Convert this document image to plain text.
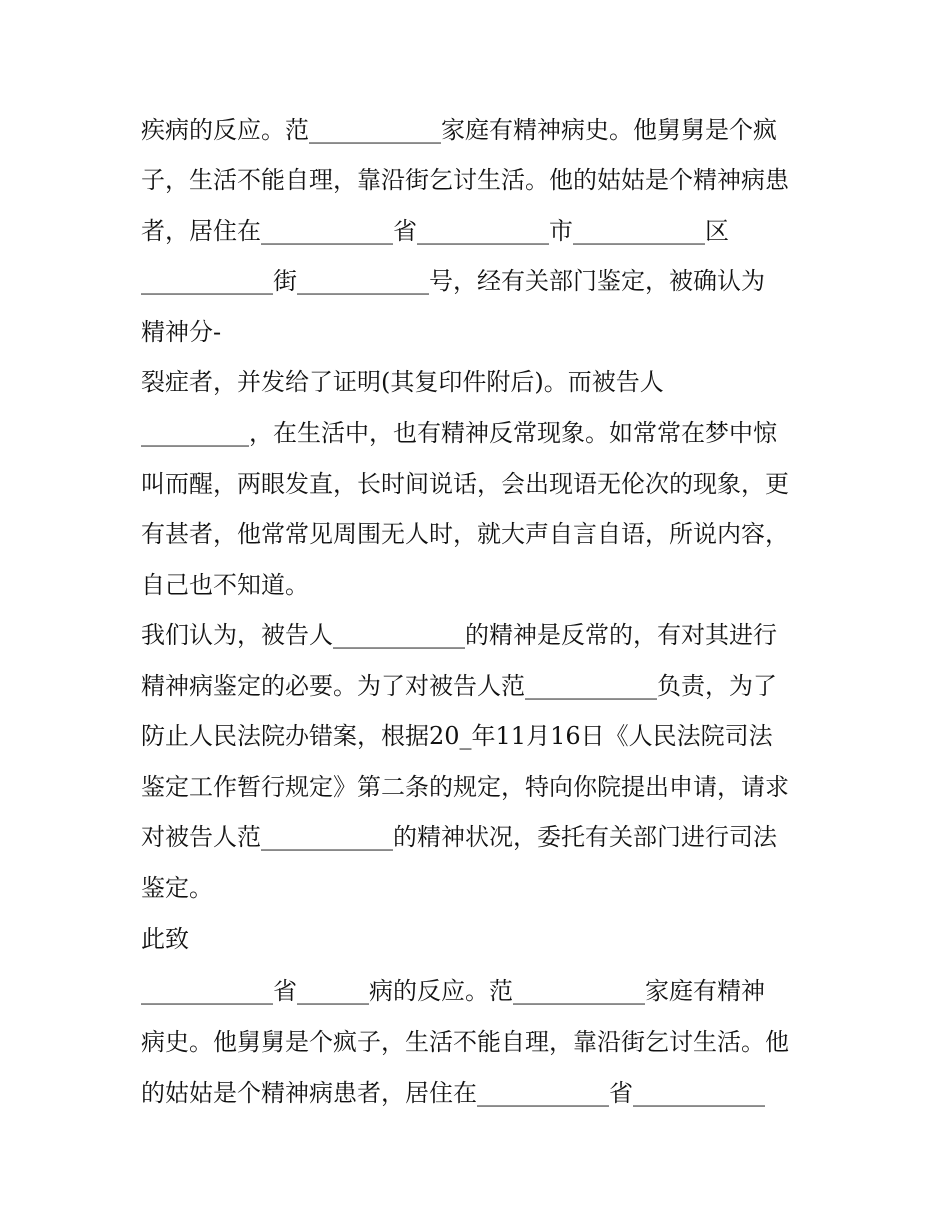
疾病的反应。范___________家庭有精神病史。他舅舅是个疯
子，生活不能自理，靠沿街乞讨生活。他的姑姑是个精神病患
者，居住在___________省___________市___________区
___________街___________号，经有关部门鉴定，被确认为
精神分-
裂症者，并发给了证明(其复印件附后)。而被告人
_________，在生活中，也有精神反常现象。如常常在梦中惊
叫而醒，两眼发直，长时间说话，会出现语无伦次的现象，更
有甚者，他常常见周围无人时，就大声自言自语，所说内容，
自己也不知道。
我们认为，被告人___________的精神是反常的，有对其进行
精神病鉴定的必要。为了对被告人范___________负责，为了
防止人民法院办错案，根据20_年11月16日《人民法院司法
鉴定工作暂行规定》第二条的规定，特向你院提出申请，请求
对被告人范___________的精神状况，委托有关部门进行司法
鉴定。
此致
___________省______病的反应。范___________家庭有精神
病史。他舅舅是个疯子，生活不能自理，靠沿街乞讨生活。他
的姑姑是个精神病患者，居住在___________省___________
